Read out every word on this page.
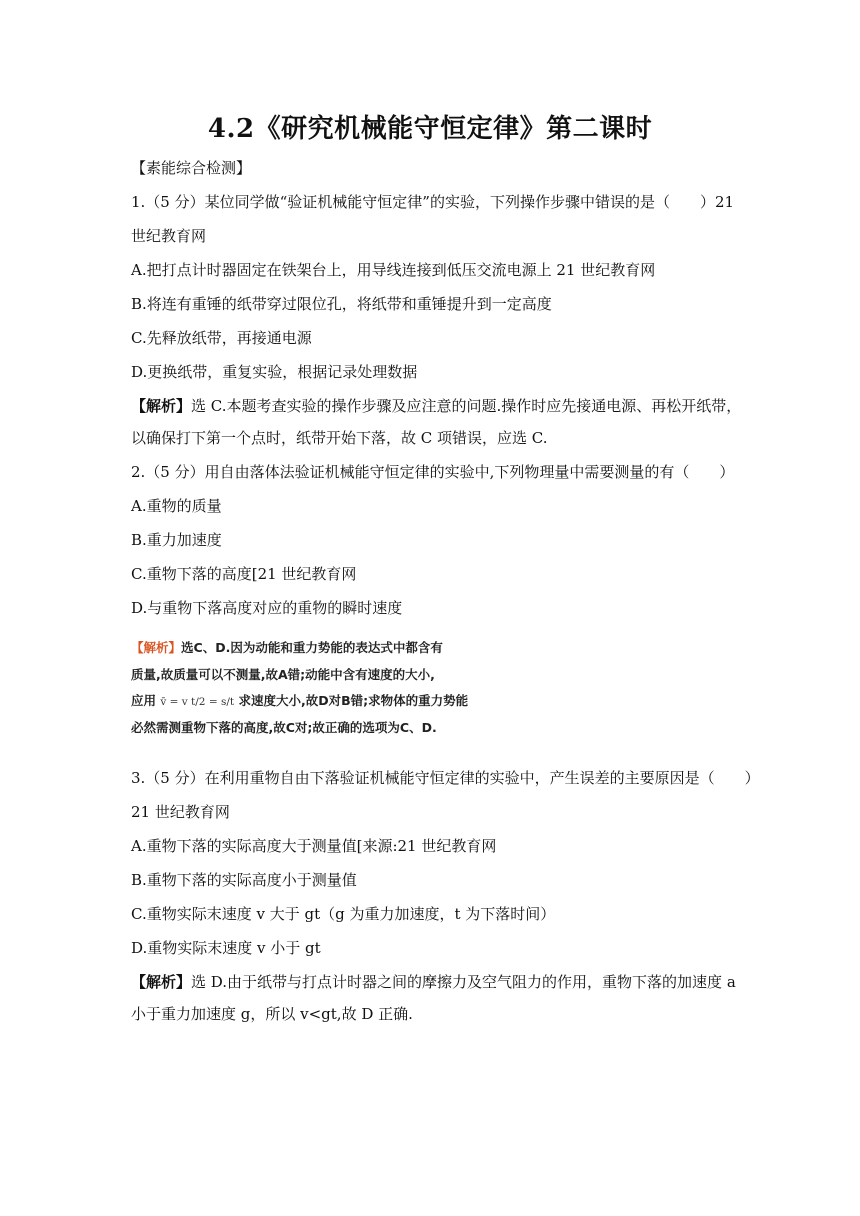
4.2《研究机械能守恒定律》第二课时
【素能综合检测】
1.（5 分）某位同学做“验证机械能守恒定律”的实验，下列操作步骤中错误的是（　　）21
世纪教育网
A.把打点计时器固定在铁架台上，用导线连接到低压交流电源上 21 世纪教育网
B.将连有重锤的纸带穿过限位孔，将纸带和重锤提升到一定高度
C.先释放纸带，再接通电源
D.更换纸带，重复实验，根据记录处理数据
【解析】选 C.本题考查实验的操作步骤及应注意的问题.操作时应先接通电源、再松开纸带，
以确保打下第一个点时，纸带开始下落，故 C 项错误，应选 C.
2.（5 分）用自由落体法验证机械能守恒定律的实验中,下列物理量中需要测量的有（　　）
A.重物的质量
B.重力加速度
C.重物下落的高度[21 世纪教育网
D.与重物下落高度对应的重物的瞬时速度
【解析】选C、D.因为动能和重力势能的表达式中都含有
质量,故质量可以不测量,故A错;动能中含有速度的大小,
应用 v̄ = v t/2 = s/t 求速度大小,故D对B错;求物体的重力势能
必然需测重物下落的高度,故C对;故正确的选项为C、D.
3.（5 分）在利用重物自由下落验证机械能守恒定律的实验中，产生误差的主要原因是（　　）
21 世纪教育网
A.重物下落的实际高度大于测量值[来源:21 世纪教育网
B.重物下落的实际高度小于测量值
C.重物实际末速度 v 大于 gt（g 为重力加速度，t 为下落时间）
D.重物实际末速度 v 小于 gt
【解析】选 D.由于纸带与打点计时器之间的摩擦力及空气阻力的作用，重物下落的加速度 a
小于重力加速度 g，所以 v<gt,故 D 正确.
